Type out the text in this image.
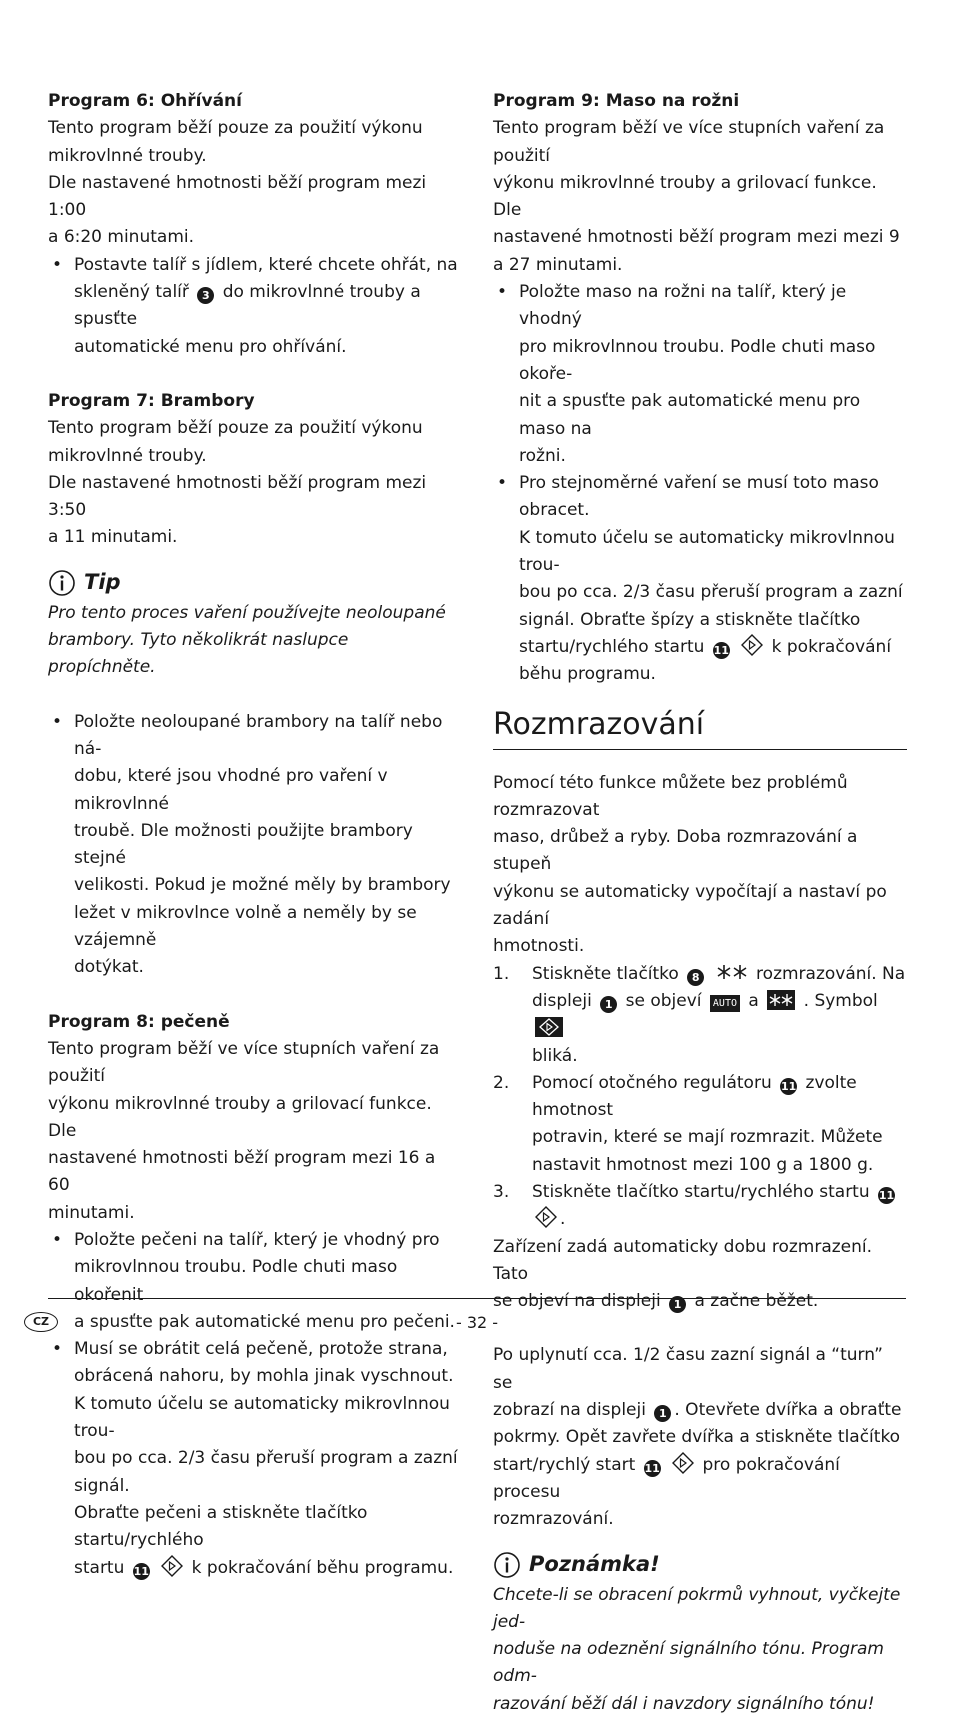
Program 6: Ohřívání

Tento program běží pouze za použití výkonu
mikrovlnné trouby.
Dle nastavené hmotnosti běží program mezi 1:00
a 6:20 minutami.

• Postavte talíř s jídlem, které chcete ohřát, na
skleněný talíř 3 do mikrovlnné trouby a spusťte
automatické menu pro ohřívání.
Program 7: Brambory

Tento program běží pouze za použití výkonu
mikrovlnné trouby.
Dle nastavené hmotnosti běží program mezi 3:50
a 11 minutami.

Tip

Pro tento proces vaření používejte neoloupané
brambory. Tyto několikrát naslupce propíchněte.

• Položte neoloupané brambory na talíř nebo ná-
dobu, které jsou vhodné pro vaření v mikrovlnné
troubě. Dle možnosti použijte brambory stejné
velikosti. Pokud je možné měly by brambory
ležet v mikrovlnce volně a neměly by se vzájemně
dotýkat.
Program 8: pečeně

Tento program běží ve více stupních vaření za použití
výkonu mikrovlnné trouby a grilovací funkce. Dle
nastavené hmotnosti běží program mezi 16 a 60
minutami.

• Položte pečeni na talíř, který je vhodný pro
mikrovlnnou troubu. Podle chuti maso okořenit
a spusťte pak automatické menu pro pečeni.
• Musí se obrátit celá pečeně, protože strana,
obrácená nahoru, by mohla jinak vyschnout.
K tomuto účelu se automaticky mikrovlnnou trou-
bou po cca. 2/3 času přeruší program a zazní
signál.
Obraťte pečeni a stiskněte tlačítko startu/rychlého
startu 11	k pokračování běhu programu.
Program 9: Maso na rožni

Tento program běží ve více stupních vaření za použití
výkonu mikrovlnné trouby a grilovací funkce. Dle
nastavené hmotnosti běží program mezi mezi 9
a 27 minutami.

• Položte maso na rožni na talíř, který je vhodný
pro mikrovlnnou troubu. Podle chuti maso okoře-
nit a spusťte pak automatické menu pro maso na
rožni.
• Pro stejnoměrné vaření se musí toto maso obracet.
K tomuto účelu se automaticky mikrovlnnou trou-
bou po cca. 2/3 času přeruší program a zazní
signál. Obraťte špízy a stiskněte tlačítko
startu/rychlého startu 11	k pokračování
běhu programu.
Rozmrazování

Pomocí této funkce můžete bez problémů rozmrazovat
maso, drůbež a ryby. Doba rozmrazování a stupeň
výkonu se automaticky vypočítají a nastaví po zadání
hmotnosti.

1. Stiskněte tlačítko 8	rozmrazování. Na
displeji 1 se objeví AUTO a	. Symbol
bliká.
2. Pomocí otočného regulátoru 11 zvolte hmotnost
potravin, které se mají rozmrazit. Můžete
nastavit hmotnost mezi 100 g a 1800 g.
3. Stiskněte tlačítko startu/rychlého startu 11 .

Zařízení zadá automaticky dobu rozmrazení. Tato
se objeví na displeji 1 a začne běžet.

Po uplynutí cca. 1/2 času zazní signál a “turn” se
zobrazí na displeji 1 . Otevřete dvířka a obraťte
pokrmy. Opět zavřete dvířka a stiskněte tlačítko
start/rychlý start 11	pro pokračování procesu
rozmrazování.

Poznámka!

Chcete-li se obracení pokrmů vyhnout, vyčkejte jed-
noduše na odeznění signálního tónu. Program odm-
razování běží dál i navzdory signálního tónu!

CZ	- 32 -
